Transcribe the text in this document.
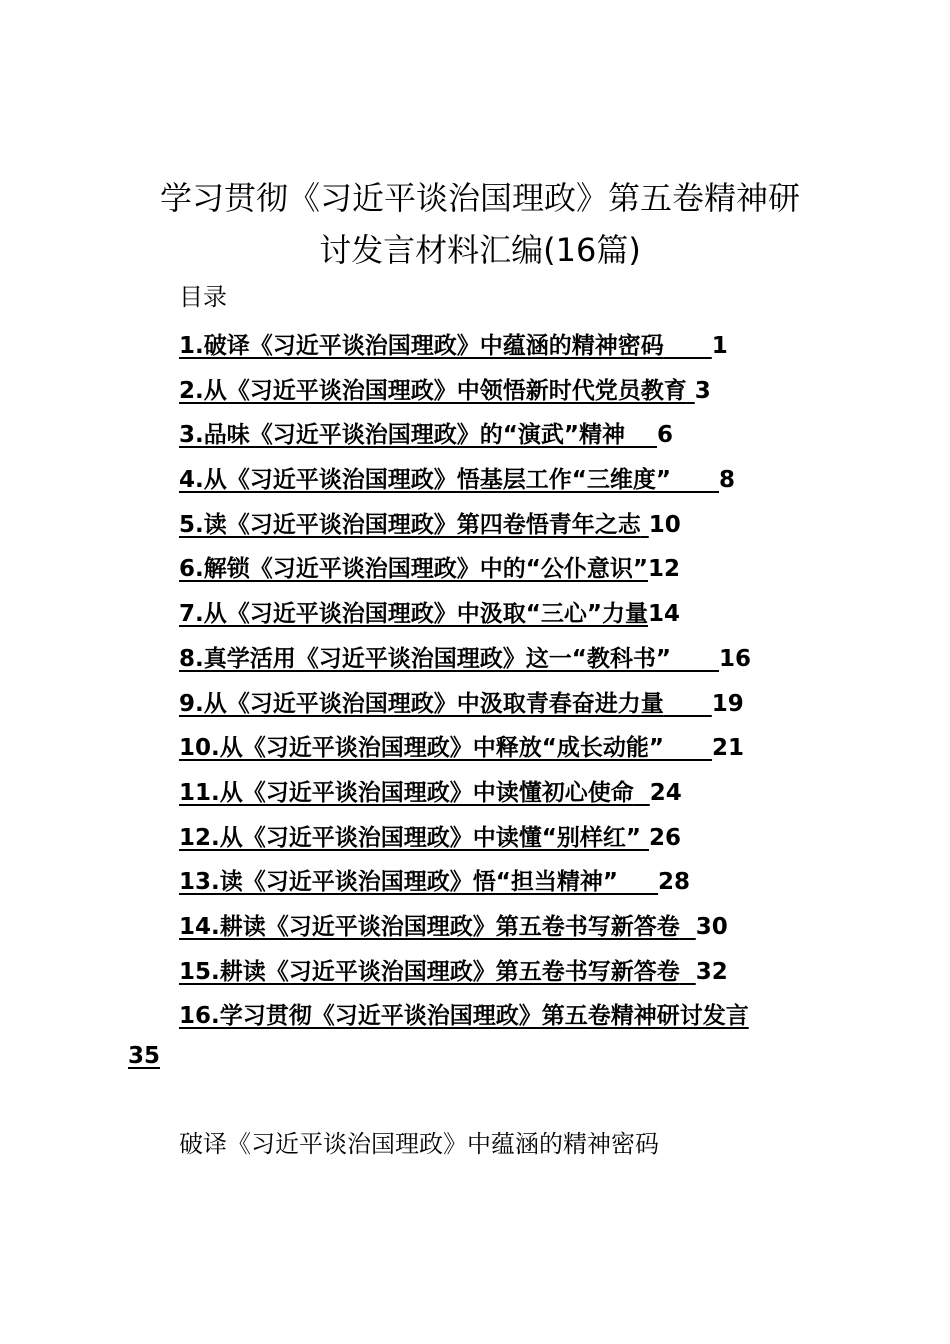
学习贯彻《习近平谈治国理政》第五卷精神研
讨发言材料汇编(16篇)
目录
1.破译《习近平谈治国理政》中蕴涵的精神密码 1
2.从《习近平谈治国理政》中领悟新时代党员教育 3
3.品味《习近平谈治国理政》的“演武”精神 6
4.从《习近平谈治国理政》悟基层工作“三维度” 8
5.读《习近平谈治国理政》第四卷悟青年之志 10
6.解锁《习近平谈治国理政》中的“公仆意识”12
7.从《习近平谈治国理政》中汲取“三心”力量14
8.真学活用《习近平谈治国理政》这一“教科书” 16
9.从《习近平谈治国理政》中汲取青春奋进力量 19
10.从《习近平谈治国理政》中释放“成长动能” 21
11.从《习近平谈治国理政》中读懂初心使命 24
12.从《习近平谈治国理政》中读懂“别样红” 26
13.读《习近平谈治国理政》悟“担当精神” 28
14.耕读《习近平谈治国理政》第五卷书写新答卷 30
15.耕读《习近平谈治国理政》第五卷书写新答卷 32
16.学习贯彻《习近平谈治国理政》第五卷精神研讨发言
35
破译《习近平谈治国理政》中蕴涵的精神密码
